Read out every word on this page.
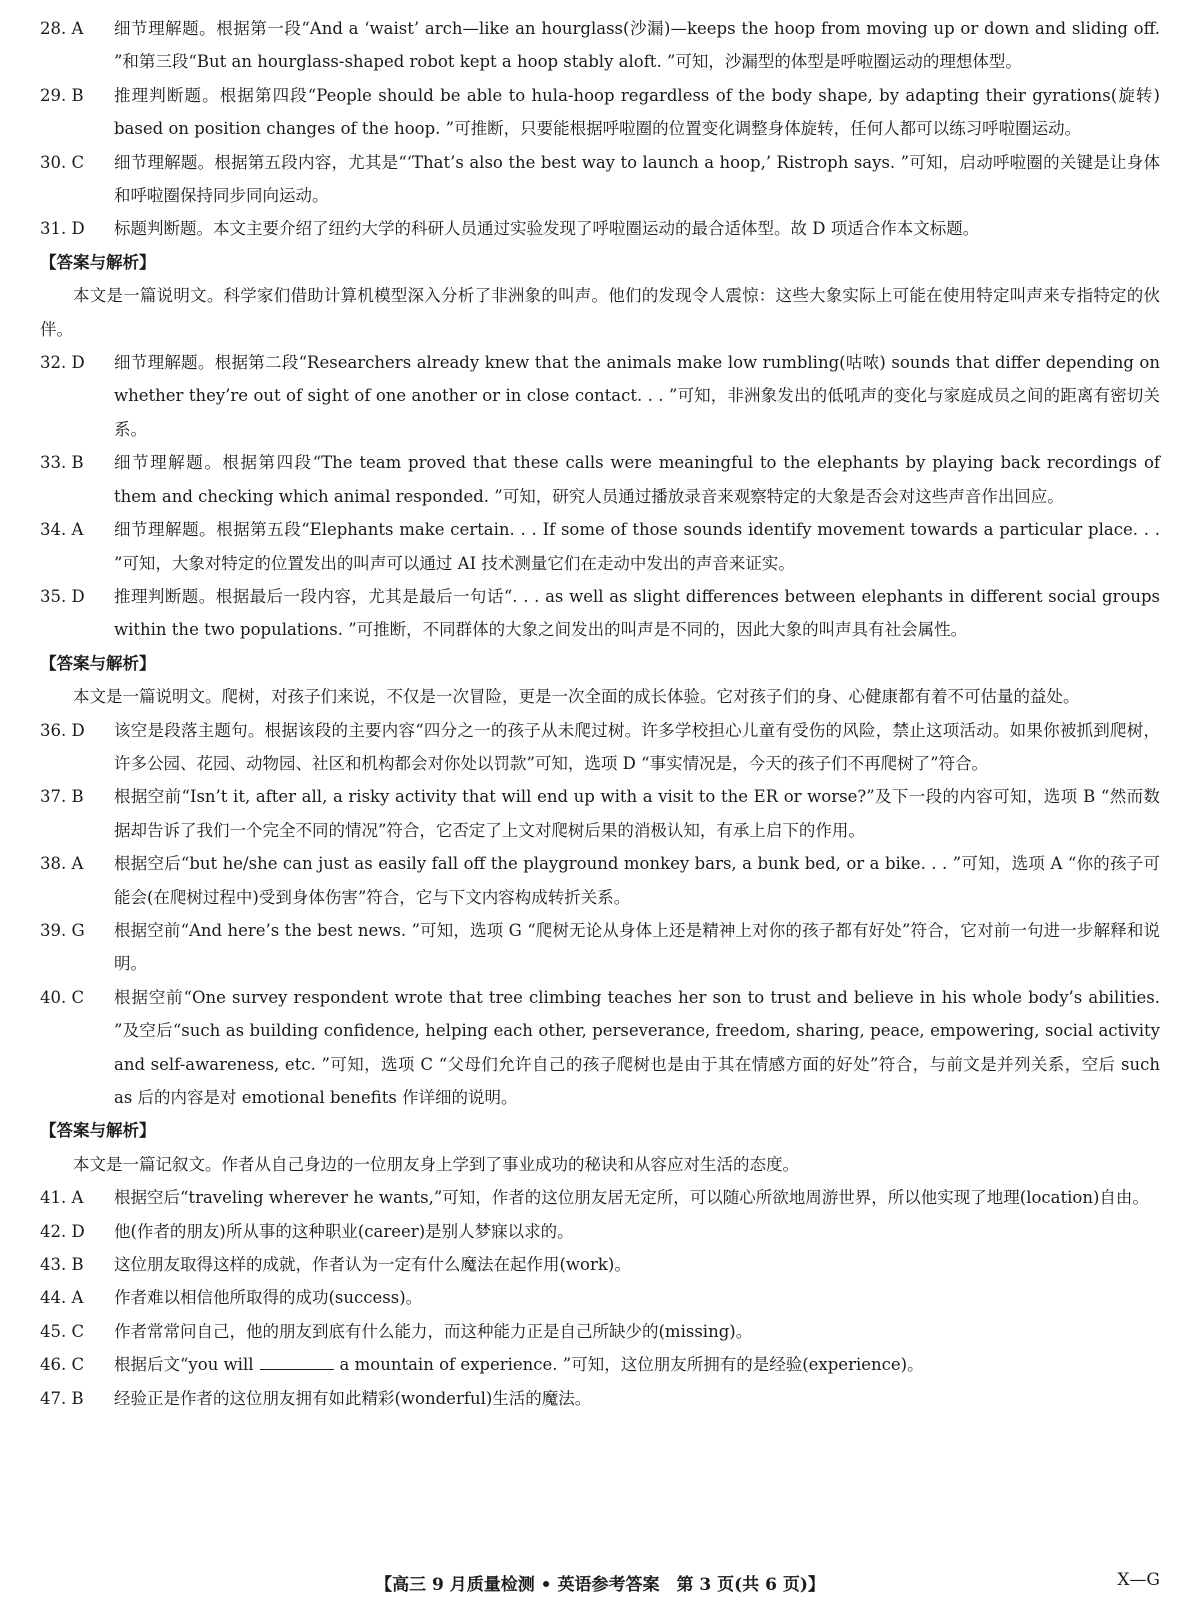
28. A	细节理解题。根据第一段“And a ‘waist’ arch—like an hourglass(沙漏)—keeps the hoop from moving up or down and sliding off. ”和第三段“But an hourglass-shaped robot kept a hoop stably aloft. ”可知，沙漏型的体型是呼啦圈运动的理想体型。
29. B	推理判断题。根据第四段“People should be able to hula-hoop regardless of the body shape, by adapting their gyrations(旋转) based on position changes of the hoop. ”可推断，只要能根据呼啦圈的位置变化调整身体旋转，任何人都可以练习呼啦圈运动。
30. C	细节理解题。根据第五段内容，尤其是“‘That’s also the best way to launch a hoop,’ Ristroph says. ”可知，启动呼啦圈的关键是让身体和呼啦圈保持同步同向运动。
31. D	标题判断题。本文主要介绍了纽约大学的科研人员通过实验发现了呼啦圈运动的最合适体型。故 D 项适合作本文标题。
【答案与解析】
本文是一篇说明文。科学家们借助计算机模型深入分析了非洲象的叫声。他们的发现令人震惊：这些大象实际上可能在使用特定叫声来专指特定的伙伴。
32. D	细节理解题。根据第二段“Researchers already knew that the animals make low rumbling(咕哝) sounds that differ depending on whether they’re out of sight of one another or in close contact. . . ”可知，非洲象发出的低吼声的变化与家庭成员之间的距离有密切关系。
33. B	细节理解题。根据第四段“The team proved that these calls were meaningful to the elephants by playing back recordings of them and checking which animal responded. ”可知，研究人员通过播放录音来观察特定的大象是否会对这些声音作出回应。
34. A	细节理解题。根据第五段“Elephants make certain. . . If some of those sounds identify movement towards a particular place. . . ”可知，大象对特定的位置发出的叫声可以通过 AI 技术测量它们在走动中发出的声音来证实。
35. D	推理判断题。根据最后一段内容，尤其是最后一句话“. . . as well as slight differences between elephants in different social groups within the two populations. ”可推断，不同群体的大象之间发出的叫声是不同的，因此大象的叫声具有社会属性。
【答案与解析】
本文是一篇说明文。爬树，对孩子们来说，不仅是一次冒险，更是一次全面的成长体验。它对孩子们的身、心健康都有着不可估量的益处。
36. D	该空是段落主题句。根据该段的主要内容“四分之一的孩子从未爬过树。许多学校担心儿童有受伤的风险，禁止这项活动。如果你被抓到爬树，许多公园、花园、动物园、社区和机构都会对你处以罚款”可知，选项 D “事实情况是，今天的孩子们不再爬树了”符合。
37. B	根据空前“Isn’t it, after all, a risky activity that will end up with a visit to the ER or worse?”及下一段的内容可知，选项 B “然而数据却告诉了我们一个完全不同的情况”符合，它否定了上文对爬树后果的消极认知，有承上启下的作用。
38. A	根据空后“but he/she can just as easily fall off the playground monkey bars, a bunk bed, or a bike. . . ”可知，选项 A “你的孩子可能会(在爬树过程中)受到身体伤害”符合，它与下文内容构成转折关系。
39. G	根据空前“And here’s the best news. ”可知，选项 G “爬树无论从身体上还是精神上对你的孩子都有好处”符合，它对前一句进一步解释和说明。
40. C	根据空前“One survey respondent wrote that tree climbing teaches her son to trust and believe in his whole body’s abilities. ”及空后“such as building confidence, helping each other, perseverance, freedom, sharing, peace, empowering, social activity and self-awareness, etc. ”可知，选项 C “父母们允许自己的孩子爬树也是由于其在情感方面的好处”符合，与前文是并列关系，空后 such as 后的内容是对 emotional benefits 作详细的说明。
【答案与解析】
本文是一篇记叙文。作者从自己身边的一位朋友身上学到了事业成功的秘诀和从容应对生活的态度。
41. A	根据空后“traveling wherever he wants,”可知，作者的这位朋友居无定所，可以随心所欲地周游世界，所以他实现了地理(location)自由。
42. D	他(作者的朋友)所从事的这种职业(career)是别人梦寐以求的。
43. B	这位朋友取得这样的成就，作者认为一定有什么魔法在起作用(work)。
44. A	作者难以相信他所取得的成功(success)。
45. C	作者常常问自己，他的朋友到底有什么能力，而这种能力正是自己所缺少的(missing)。
46. C	根据后文“you will	a mountain of experience. ”可知，这位朋友所拥有的是经验(experience)。
47. B	经验正是作者的这位朋友拥有如此精彩(wonderful)生活的魔法。
【高三 9 月质量检测 • 英语参考答案　第 3 页(共 6 页)】	X—G
